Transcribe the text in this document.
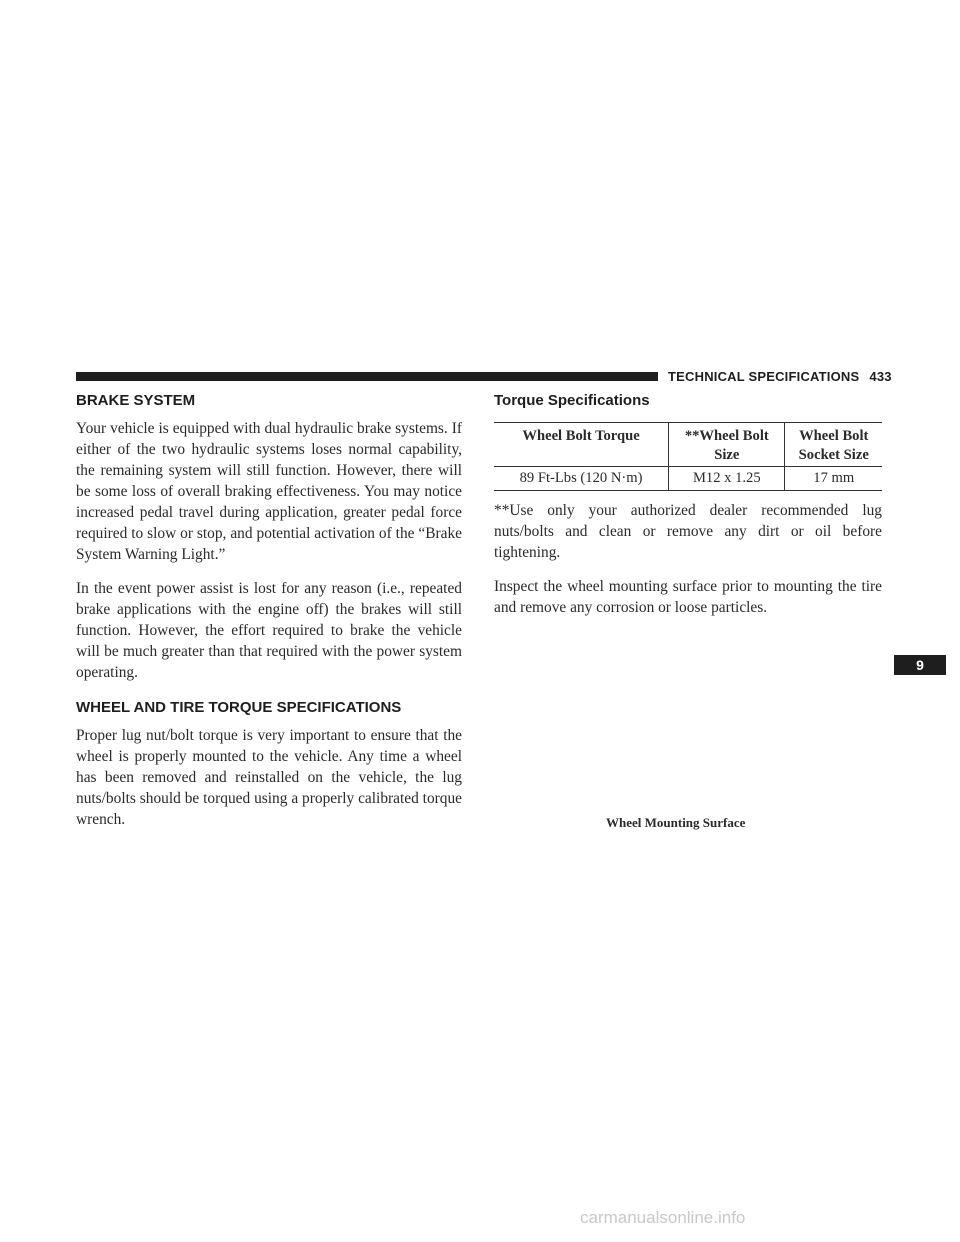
TECHNICAL SPECIFICATIONS 433
BRAKE SYSTEM

Your vehicle is equipped with dual hydraulic brake systems. If either of the two hydraulic systems loses normal capability, the remaining system will still function. However, there will be some loss of overall braking effectiveness. You may notice increased pedal travel during application, greater pedal force required to slow or stop, and potential activation of the “Brake System Warning Light.”

In the event power assist is lost for any reason (i.e., repeated brake applications with the engine off) the brakes will still function. However, the effort required to brake the vehicle will be much greater than that required with the power system operating.

WHEEL AND TIRE TORQUE SPECIFICATIONS

Proper lug nut/bolt torque is very important to ensure that the wheel is properly mounted to the vehicle. Any time a wheel has been removed and reinstalled on the vehicle, the lug nuts/bolts should be torqued using a properly calibrated torque wrench.

Torque Specifications
Wheel Bolt Torque	**Wheel Bolt Size	Wheel Bolt Socket Size
89 Ft-Lbs (120 N·m)	M12 x 1.25	17 mm

**Use only your authorized dealer recommended lug nuts/bolts and clean or remove any dirt or oil before tightening.

Inspect the wheel mounting surface prior to mounting the tire and remove any corrosion or loose particles.

Wheel Mounting Surface
9
carmanualsonline.info
